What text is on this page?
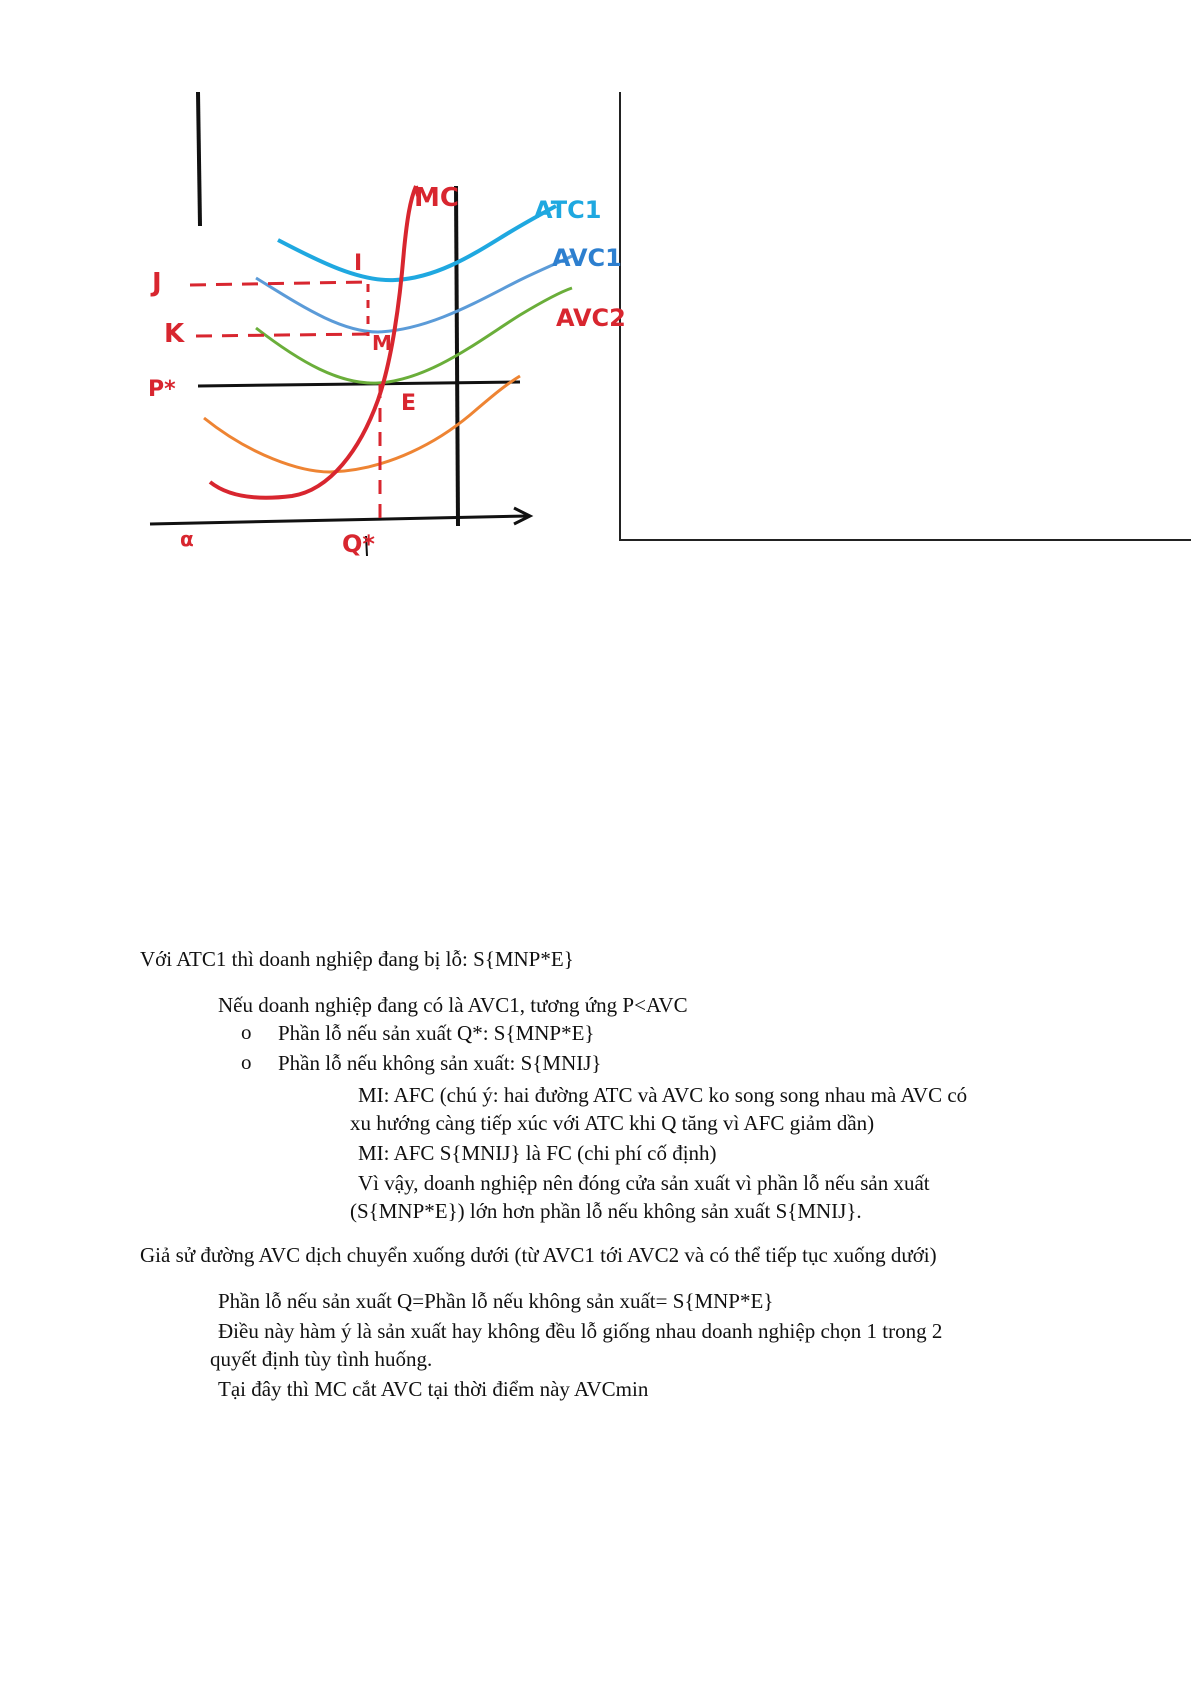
J
K
P*
I
M
E
Q*
α
MC	ATC1
AVC1
AVC2
Với ATC1 thì doanh nghiệp đang bị lỗ: S{MNP*E}
Nếu doanh nghiệp đang có là AVC1, tương ứng P<AVC
o Phần lỗ nếu sản xuất Q*: S{MNP*E}
o Phần lỗ nếu không sản xuất: S{MNIJ}
MI: AFC (chú ý: hai đường ATC và AVC ko song song nhau mà AVC có
xu hướng càng tiếp xúc với ATC khi Q tăng vì AFC giảm dần)
MI: AFC S{MNIJ} là FC (chi phí cố định)
Vì vậy, doanh nghiệp nên đóng cửa sản xuất vì phần lỗ nếu sản xuất
(S{MNP*E}) lớn hơn phần lỗ nếu không sản xuất S{MNIJ}.
Giả sử đường AVC dịch chuyển xuống dưới (từ AVC1 tới AVC2 và có thể tiếp tục xuống dưới)
Phần lỗ nếu sản xuất Q=Phần lỗ nếu không sản xuất= S{MNP*E}
Điều này hàm ý là sản xuất hay không đều lỗ giống nhau doanh nghiệp chọn 1 trong 2
quyết định tùy tình huống.
Tại đây thì MC cắt AVC tại thời điểm này AVCmin
